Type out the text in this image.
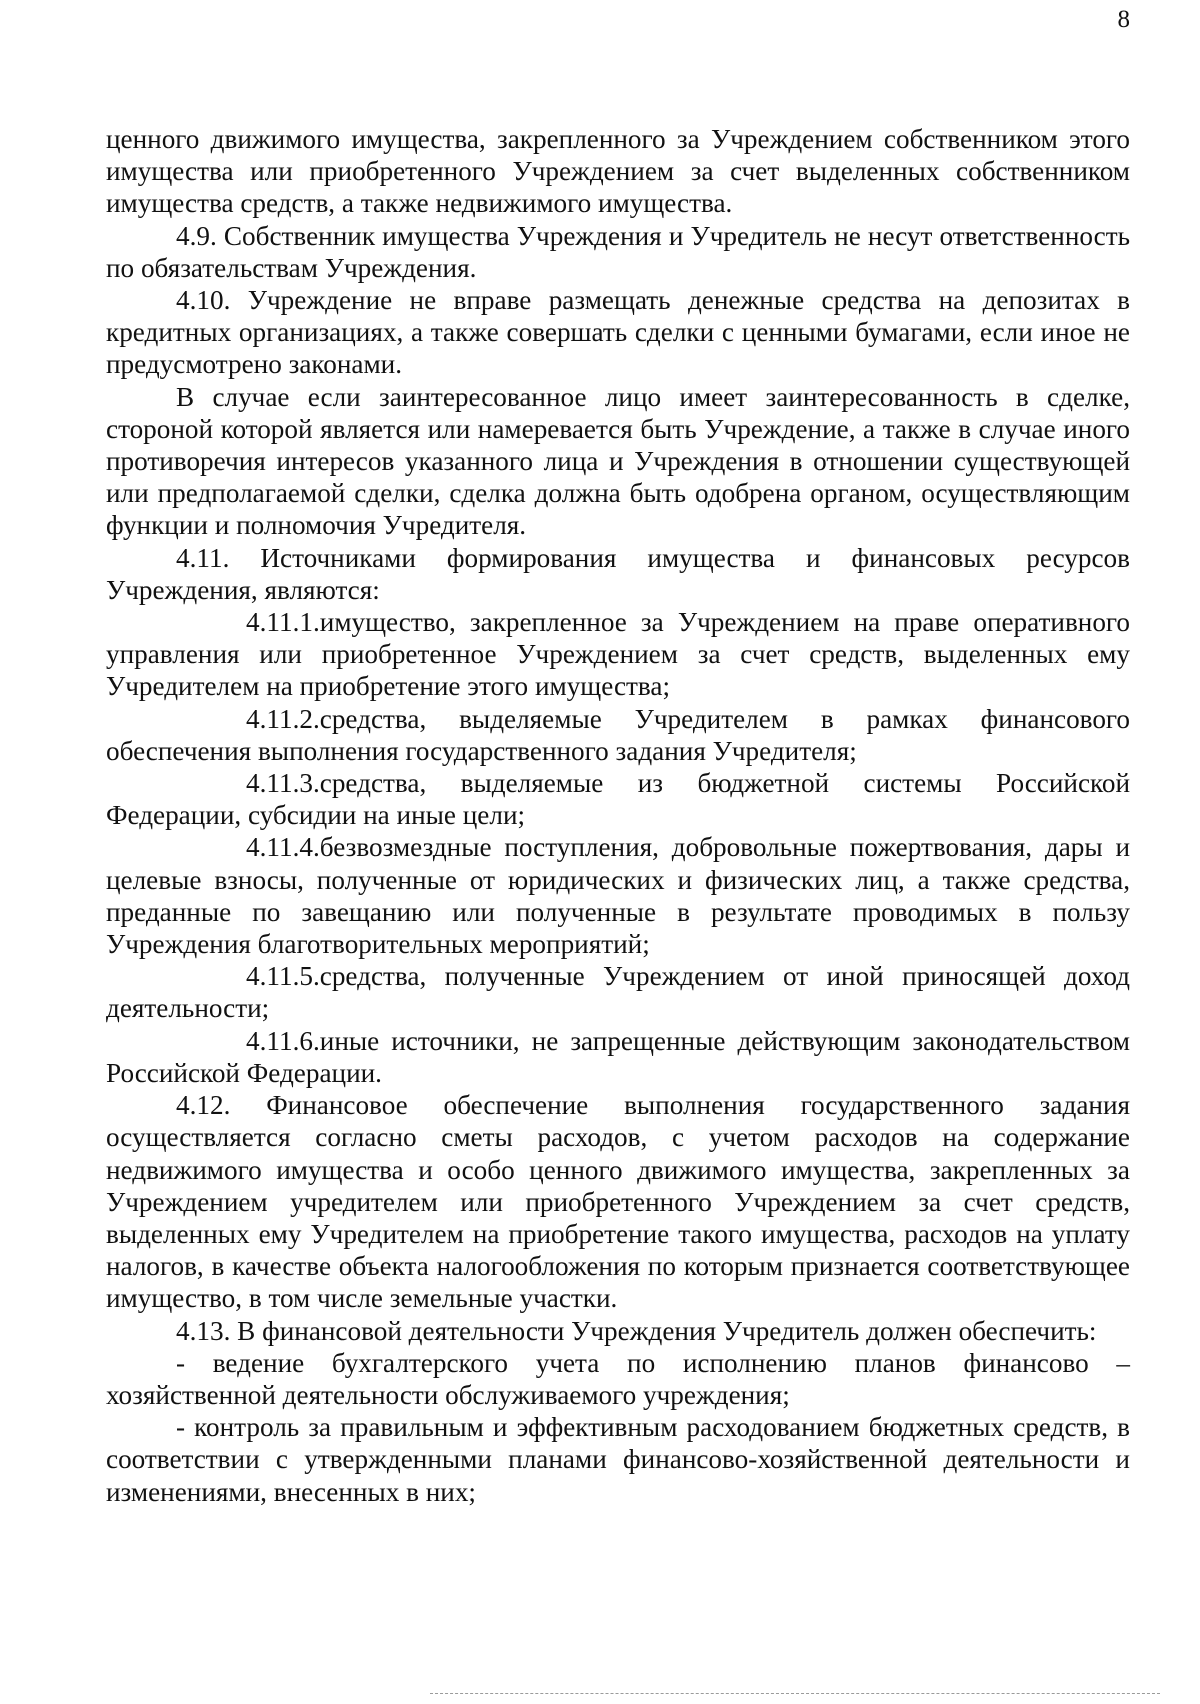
8

ценного движимого имущества, закрепленного за Учреждением собственником этого имущества или приобретенного Учреждением за счет выделенных собственником имущества средств, а также недвижимого имущества.

4.9. Собственник имущества Учреждения и Учредитель не несут ответственность по обязательствам Учреждения.

4.10. Учреждение не вправе размещать денежные средства на депозитах в кредитных организациях, а также совершать сделки с ценными бумагами, если иное не предусмотрено законами.

В случае если заинтересованное лицо имеет заинтересованность в сделке, стороной которой является или намеревается быть Учреждение, а также в случае иного противоречия интересов указанного лица и Учреждения в отношении существующей или предполагаемой сделки, сделка должна быть одобрена органом, осуществляющим функции и полномочия Учредителя.

4.11. Источниками формирования имущества и финансовых ресурсов Учреждения, являются:

4.11.1.имущество, закрепленное за Учреждением на праве оперативного управления или приобретенное Учреждением за счет средств, выделенных ему Учредителем на приобретение этого имущества;

4.11.2.средства, выделяемые Учредителем в рамках финансового обеспечения выполнения государственного задания Учредителя;

4.11.3.средства, выделяемые из бюджетной системы Российской Федерации, субсидии на иные цели;

4.11.4.безвозмездные поступления, добровольные пожертвования, дары и целевые взносы, полученные от юридических и физических лиц, а также средства, преданные по завещанию или полученные в результате проводимых в пользу Учреждения благотворительных мероприятий;

4.11.5.средства, полученные Учреждением от иной приносящей доход деятельности;

4.11.6.иные источники, не запрещенные действующим законодательством Российской Федерации.

4.12. Финансовое обеспечение выполнения государственного задания осуществляется согласно сметы расходов, с учетом расходов на содержание недвижимого имущества и особо ценного движимого имущества, закрепленных за Учреждением учредителем или приобретенного Учреждением за счет средств, выделенных ему Учредителем на приобретение такого имущества, расходов на уплату налогов, в качестве объекта налогообложения по которым признается соответствующее имущество, в том числе земельные участки.

4.13. В финансовой деятельности Учреждения Учредитель должен обеспечить:

- ведение бухгалтерского учета по исполнению планов финансово – хозяйственной деятельности обслуживаемого учреждения;

- контроль за правильным и эффективным расходованием бюджетных средств, в соответствии с утвержденными планами финансово-хозяйственной деятельности и изменениями, внесенных в них;
